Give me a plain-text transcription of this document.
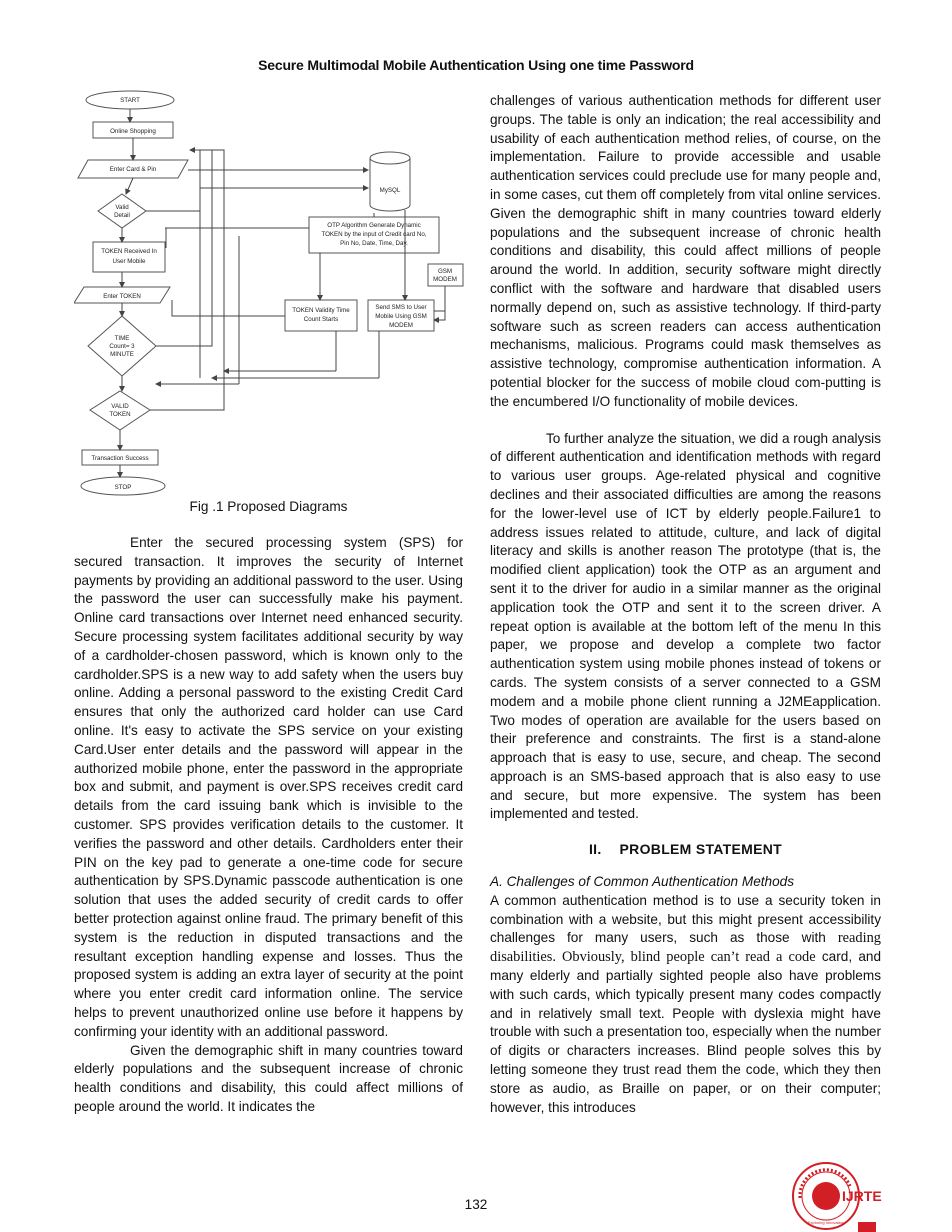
Secure Multimodal Mobile Authentication Using one time Password
START
Online Shopping
Enter Card & Pin
Valid
Detail
TOKEN Received In
User Mobile
Enter TOKEN
TIME
Count= 3
MINUTE
VALID
TOKEN
Transaction Success
STOP
MySQL
OTP Algorithm Generate Dynamic
TOKEN by the input of Credit card No,
Pin No, Date, Time, Day.
GSM
MODEM
TOKEN Validity Time
Count Starts
Send SMS to User
Mobile Using GSM
MODEM
Fig .1 Proposed Diagrams

Enter the secured processing system (SPS) for secured transaction. It improves the security of Internet payments by providing an additional password to the user. Using the password the user can successfully make his payment. Online card transactions over Internet need enhanced security. Secure processing system facilitates additional security by way of a cardholder-chosen password, which is known only to the cardholder.SPS is a new way to add safety when the users buy online. Adding a personal password to the existing Credit Card ensures that only the authorized card holder can use Card online. It's easy to activate the SPS service on your existing Card.User enter details and the password will appear in the authorized mobile phone, enter the password in the appropriate box and submit, and payment is over.SPS receives credit card details from the card issuing bank which is invisible to the customer. SPS provides verification details to the customer. It verifies the password and other details. Cardholders enter their PIN on the key pad to generate a one-time code for secure authentication by SPS.Dynamic passcode authentication is one solution that uses the added security of credit cards to offer better protection against online fraud. The primary benefit of this system is the reduction in disputed transactions and the resultant exception handling expense and losses. Thus the proposed system is adding an extra layer of security at the point where you enter credit card information online. The service helps to prevent unauthorized online use before it happens by confirming your identity with an additional password.

Given the demographic shift in many countries toward elderly populations and the subsequent increase of chronic health conditions and disability, this could affect millions of people around the world. It indicates the

challenges of various authentication methods for different user groups. The table is only an indication; the real accessibility and usability of each authentication method relies, of course, on the implementation. Failure to provide accessible and usable authentication services could preclude use for many people and, in some cases, cut them off completely from vital online services. Given the demographic shift in many countries toward elderly populations and the subsequent increase of chronic health conditions and disability, this could affect millions of people around the world. In addition, security software might directly conflict with the software and hardware that disabled users normally depend on, such as assistive technology. If third-party software such as screen readers can access authentication mechanisms, malicious. Programs could mask themselves as assistive technology, compromise authentication information. A potential blocker for the success of mobile cloud com-putting is the encumbered I/O functionality of mobile devices.

To further analyze the situation, we did a rough analysis of different authentication and identification methods with regard to various user groups. Age-related physical and cognitive declines and their associated difficulties are among the reasons for the lower-level use of ICT by elderly people.Failure1 to address issues related to attitude, culture, and lack of digital literacy and skills is another reason The prototype (that is, the modified client application) took the OTP as an argument and sent it to the driver for audio in a similar manner as the original application took the OTP and sent it to the screen driver. A repeat option is available at the bottom left of the menu In this paper, we propose and develop a complete two factor authentication system using mobile phones instead of tokens or cards. The system consists of a server connected to a GSM modem and a mobile phone client running a J2MEapplication. Two modes of operation are available for the users based on their preference and constraints. The first is a stand-alone approach that is easy to use, secure, and cheap. The second approach is an SMS-based approach that is also easy to use and secure, but more expensive. The system has been implemented and tested.

II. PROBLEM STATEMENT

A. Challenges of Common Authentication Methods

A common authentication method is to use a security token in combination with a website, but this might present accessibility challenges for many users, such as those with reading disabilities. Obviously, blind people can’t read a code card, and many elderly and partially sighted people also have problems with such cards, which typically present many codes compactly and in relatively small text. People with dyslexia might have trouble with such a presentation too, especially when the number of digits or characters increases. Blind people solves this by letting someone they trust read them the code, which they then store as audio, as Braille on paper, or on their computer; however, this introduces

132
IJRTE
Exploring Innovation
